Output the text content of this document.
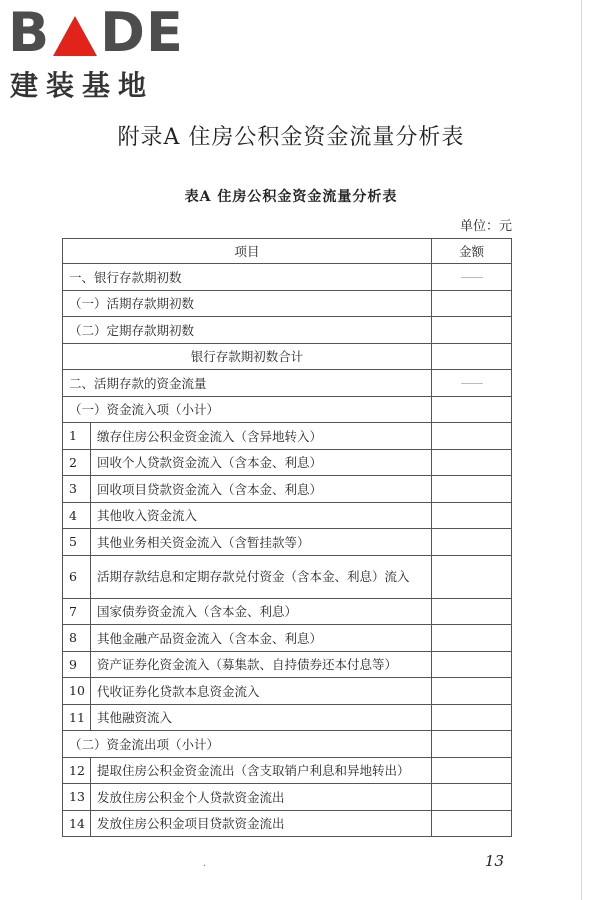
B DE
建装基地
附录A 住房公积金资金流量分析表
表A 住房公积金资金流量分析表
单位：元
项目		金额
一、银行存款期初数		
（一）活期存款期初数		
（二）定期存款期初数		
银行存款期初数合计		
二、活期存款的资金流量		
（一）资金流入项（小计）		
1	缴存住房公积金资金流入（含异地转入）	
2	回收个人贷款资金流入（含本金、利息）	
3	回收项目贷款资金流入（含本金、利息）	
4	其他收入资金流入	
5	其他业务相关资金流入（含暂挂款等）	
6	活期存款结息和定期存款兑付资金（含本金、利息）流入	
7	国家债券资金流入（含本金、利息）	
8	其他金融产品资金流入（含本金、利息）	
9	资产证券化资金流入（募集款、自持债券还本付息等）	
10	代收证券化贷款本息资金流入	
11	其他融资流入	
（二）资金流出项（小计）		
12	提取住房公积金资金流出（含支取销户利息和异地转出）	
13	发放住房公积金个人贷款资金流出	
14	发放住房公积金项目贷款资金流出	
.	13
